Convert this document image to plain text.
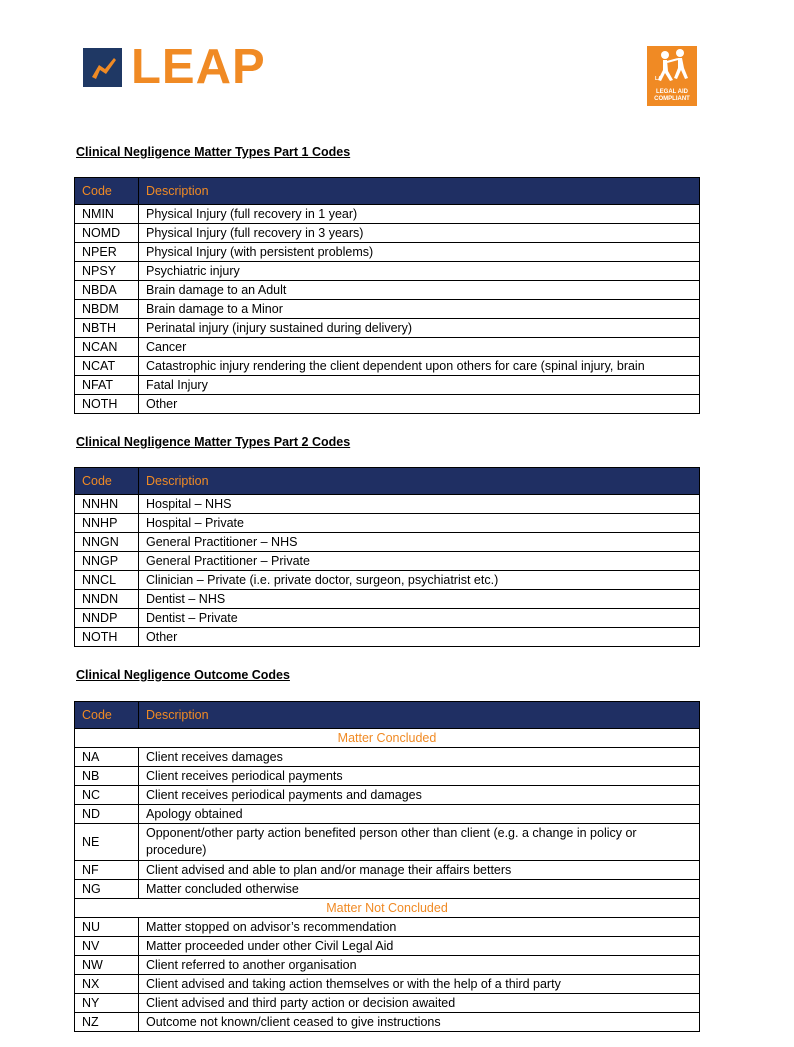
LEAP	LEGAL AID
COMPLIANT
LA
Clinical Negligence Matter Types Part 1 Codes
Code	Description
NMIN	Physical Injury (full recovery in 1 year)
NOMD	Physical Injury (full recovery in 3 years)
NPER	Physical Injury (with persistent problems)
NPSY	Psychiatric injury
NBDA	Brain damage to an Adult
NBDM	Brain damage to a Minor
NBTH	Perinatal injury (injury sustained during delivery)
NCAN	Cancer
NCAT	Catastrophic injury rendering the client dependent upon others for care (spinal injury, brain
NFAT	Fatal Injury
NOTH	Other
Clinical Negligence Matter Types Part 2 Codes
Code	Description
NNHN	Hospital – NHS
NNHP	Hospital – Private
NNGN	General Practitioner – NHS
NNGP	General Practitioner – Private
NNCL	Clinician – Private (i.e. private doctor, surgeon, psychiatrist etc.)
NNDN	Dentist – NHS
NNDP	Dentist – Private
NOTH	Other
Clinical Negligence Outcome Codes
Code	Description
Matter Concluded	
NA	Client receives damages
NB	Client receives periodical payments
NC	Client receives periodical payments and damages
ND	Apology obtained
NE	Opponent/other party action benefited person other than client (e.g. a change in policy or procedure)
NF	Client advised and able to plan and/or manage their affairs betters
NG	Matter concluded otherwise
Matter Not Concluded	
NU	Matter stopped on advisor’s recommendation
NV	Matter proceeded under other Civil Legal Aid
NW	Client referred to another organisation
NX	Client advised and taking action themselves or with the help of a third party
NY	Client advised and third party action or decision awaited
NZ	Outcome not known/client ceased to give instructions
